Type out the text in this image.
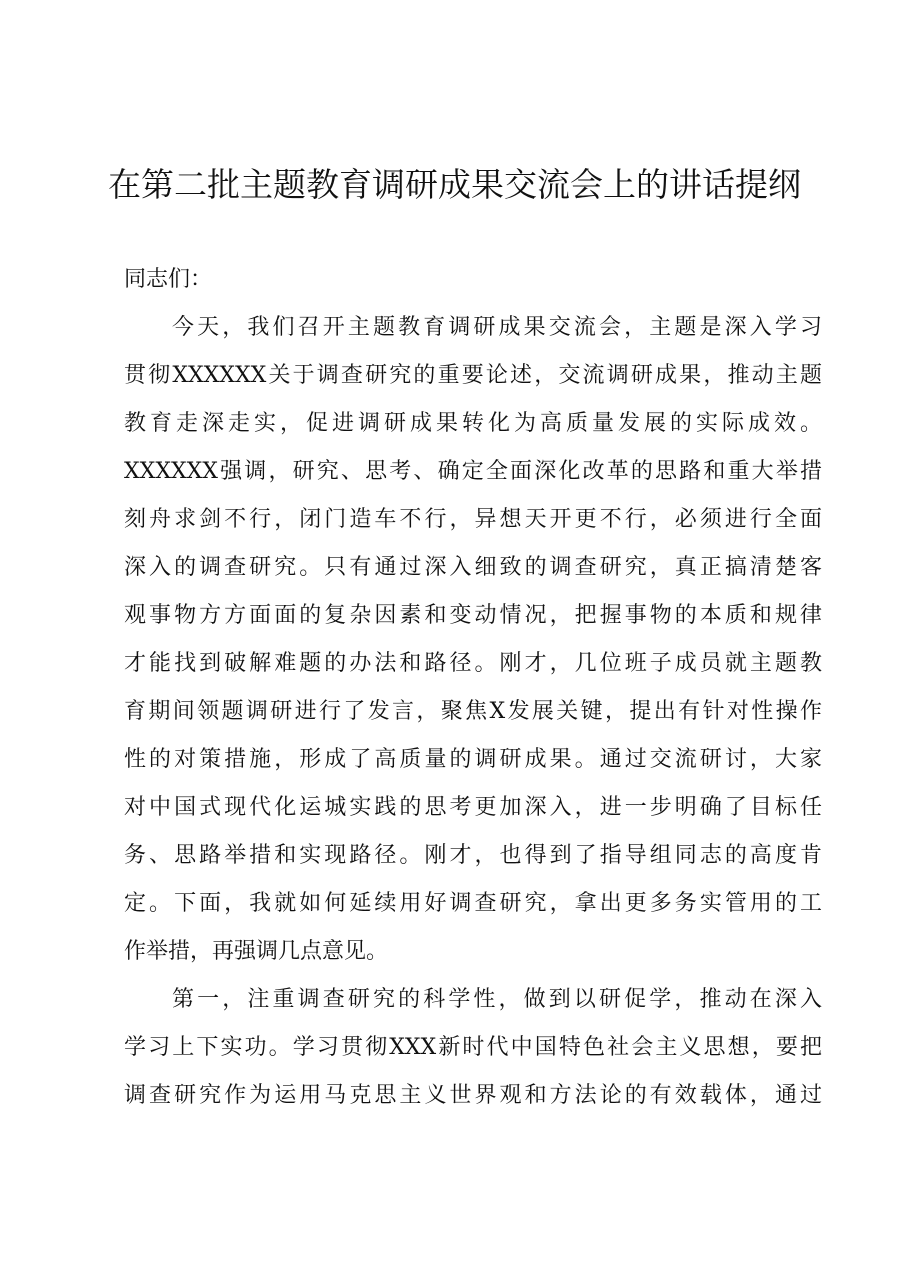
在第二批主题教育调研成果交流会上的讲话提纲
同志们：
今天，我们召开主题教育调研成果交流会，主题是深入学习
贯彻XXXXXX关于调查研究的重要论述，交流调研成果，推动主题
教育走深走实，促进调研成果转化为高质量发展的实际成效。
XXXXXX强调，研究、思考、确定全面深化改革的思路和重大举措
刻舟求剑不行，闭门造车不行，异想天开更不行，必须进行全面
深入的调查研究。只有通过深入细致的调查研究，真正搞清楚客
观事物方方面面的复杂因素和变动情况，把握事物的本质和规律
才能找到破解难题的办法和路径。刚才，几位班子成员就主题教
育期间领题调研进行了发言，聚焦X发展关键，提出有针对性操作
性的对策措施，形成了高质量的调研成果。通过交流研讨，大家
对中国式现代化运城实践的思考更加深入，进一步明确了目标任
务、思路举措和实现路径。刚才，也得到了指导组同志的高度肯
定。下面，我就如何延续用好调查研究，拿出更多务实管用的工
作举措，再强调几点意见。
第一，注重调查研究的科学性，做到以研促学，推动在深入
学习上下实功。学习贯彻XXX新时代中国特色社会主义思想，要把
调查研究作为运用马克思主义世界观和方法论的有效载体，通过
